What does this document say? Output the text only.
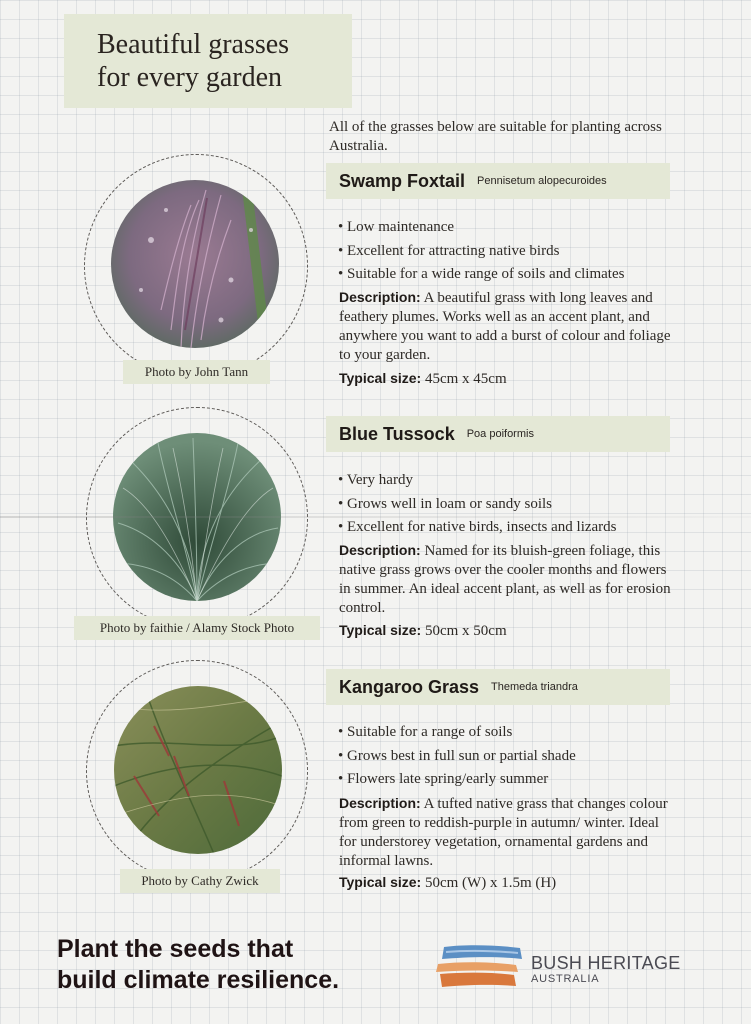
Beautiful grasses
for every garden
All of the grasses below are suitable for planting across Australia.
Photo by John Tann
Swamp Foxtail Pennisetum alopecuroides
• Low maintenance
• Excellent for attracting native birds
• Suitable for a wide range of soils and climates
Description: A beautiful grass with long leaves and feathery plumes. Works well as an accent plant, and anywhere you want to add a burst of colour and foliage to your garden.
Typical size: 45cm x 45cm
Photo by faithie / Alamy Stock Photo
Blue Tussock Poa poiformis
• Very hardy
• Grows well in loam or sandy soils
• Excellent for native birds, insects and lizards
Description: Named for its bluish-green foliage, this native grass grows over the cooler months and flowers in summer. An ideal accent plant, as well as for erosion control.
Typical size: 50cm x 50cm
Photo by Cathy Zwick
Kangaroo Grass Themeda triandra
• Suitable for a range of soils
• Grows best in full sun or partial shade
• Flowers late spring/early summer
Description: A tufted native grass that changes colour from green to reddish-purple in autumn/ winter. Ideal for understorey vegetation, ornamental gardens and informal lawns.
Typical size: 50cm (W) x 1.5m (H)
Plant the seeds that
build climate resilience.
BUSH HERITAGE
AUSTRALIA
